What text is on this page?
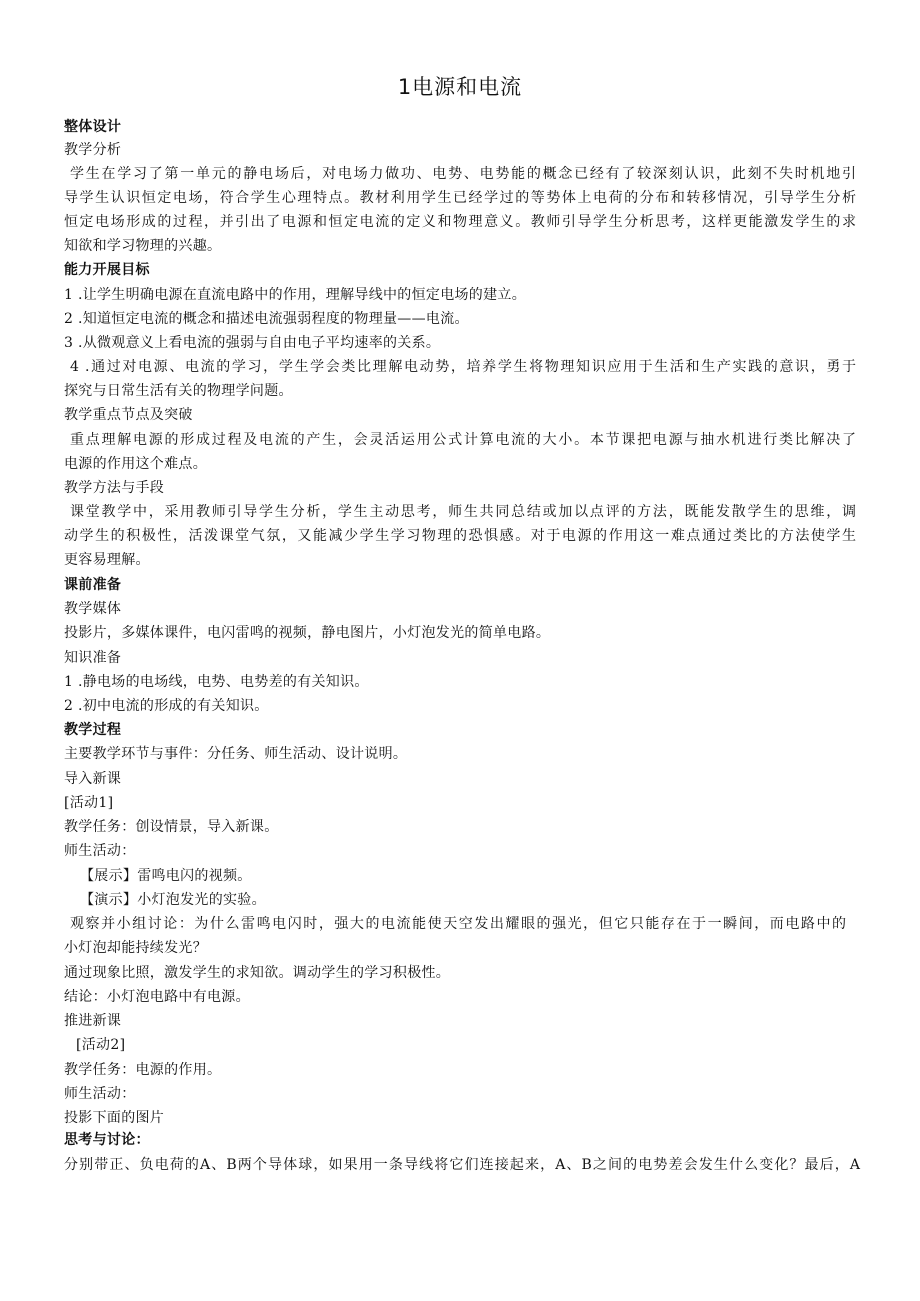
1电源和电流
整体设计
教学分析
学生在学习了第一单元的静电场后，对电场力做功、电势、电势能的概念已经有了较深刻认识，此刻不失时机地引
导学生认识恒定电场，符合学生心理特点。教材利用学生已经学过的等势体上电荷的分布和转移情况，引导学生分析
恒定电场形成的过程，并引出了电源和恒定电流的定义和物理意义。教师引导学生分析思考，这样更能激发学生的求
知欲和学习物理的兴趣。
能力开展目标
1 .让学生明确电源在直流电路中的作用，理解导线中的恒定电场的建立。
2 .知道恒定电流的概念和描述电流强弱程度的物理量——电流。
3 .从微观意义上看电流的强弱与自由电子平均速率的关系。
4 .通过对电源、电流的学习，学生学会类比理解电动势，培养学生将物理知识应用于生活和生产实践的意识，勇于
探究与日常生活有关的物理学问题。
教学重点节点及突破
重点理解电源的形成过程及电流的产生，会灵活运用公式计算电流的大小。本节课把电源与抽水机进行类比解决了
电源的作用这个难点。
教学方法与手段
课堂教学中，采用教师引导学生分析，学生主动思考，师生共同总结或加以点评的方法，既能发散学生的思维，调
动学生的积极性，活泼课堂气氛，又能减少学生学习物理的恐惧感。对于电源的作用这一难点通过类比的方法使学生
更容易理解。
课前准备
教学媒体
投影片，多媒体课件，电闪雷鸣的视频，静电图片，小灯泡发光的简单电路。
知识准备
1 .静电场的电场线，电势、电势差的有关知识。
2 .初中电流的形成的有关知识。
教学过程
主要教学环节与事件：分任务、师生活动、设计说明。
导入新课
[活动1]
教学任务：创设情景，导入新课。
师生活动：
【展示】雷鸣电闪的视频。
【演示】小灯泡发光的实验。
观察并小组讨论：为什么雷鸣电闪时，强大的电流能使天空发出耀眼的强光，但它只能存在于一瞬间，而电路中的
小灯泡却能持续发光？
通过现象比照，激发学生的求知欲。调动学生的学习积极性。
结论：小灯泡电路中有电源。
推进新课
[活动2]
教学任务：电源的作用。
师生活动：
投影下面的图片
思考与讨论：
分别带正、负电荷的A、B两个导体球，如果用一条导线将它们连接起来，A、B之间的电势差会发生什么变化？最后，A
